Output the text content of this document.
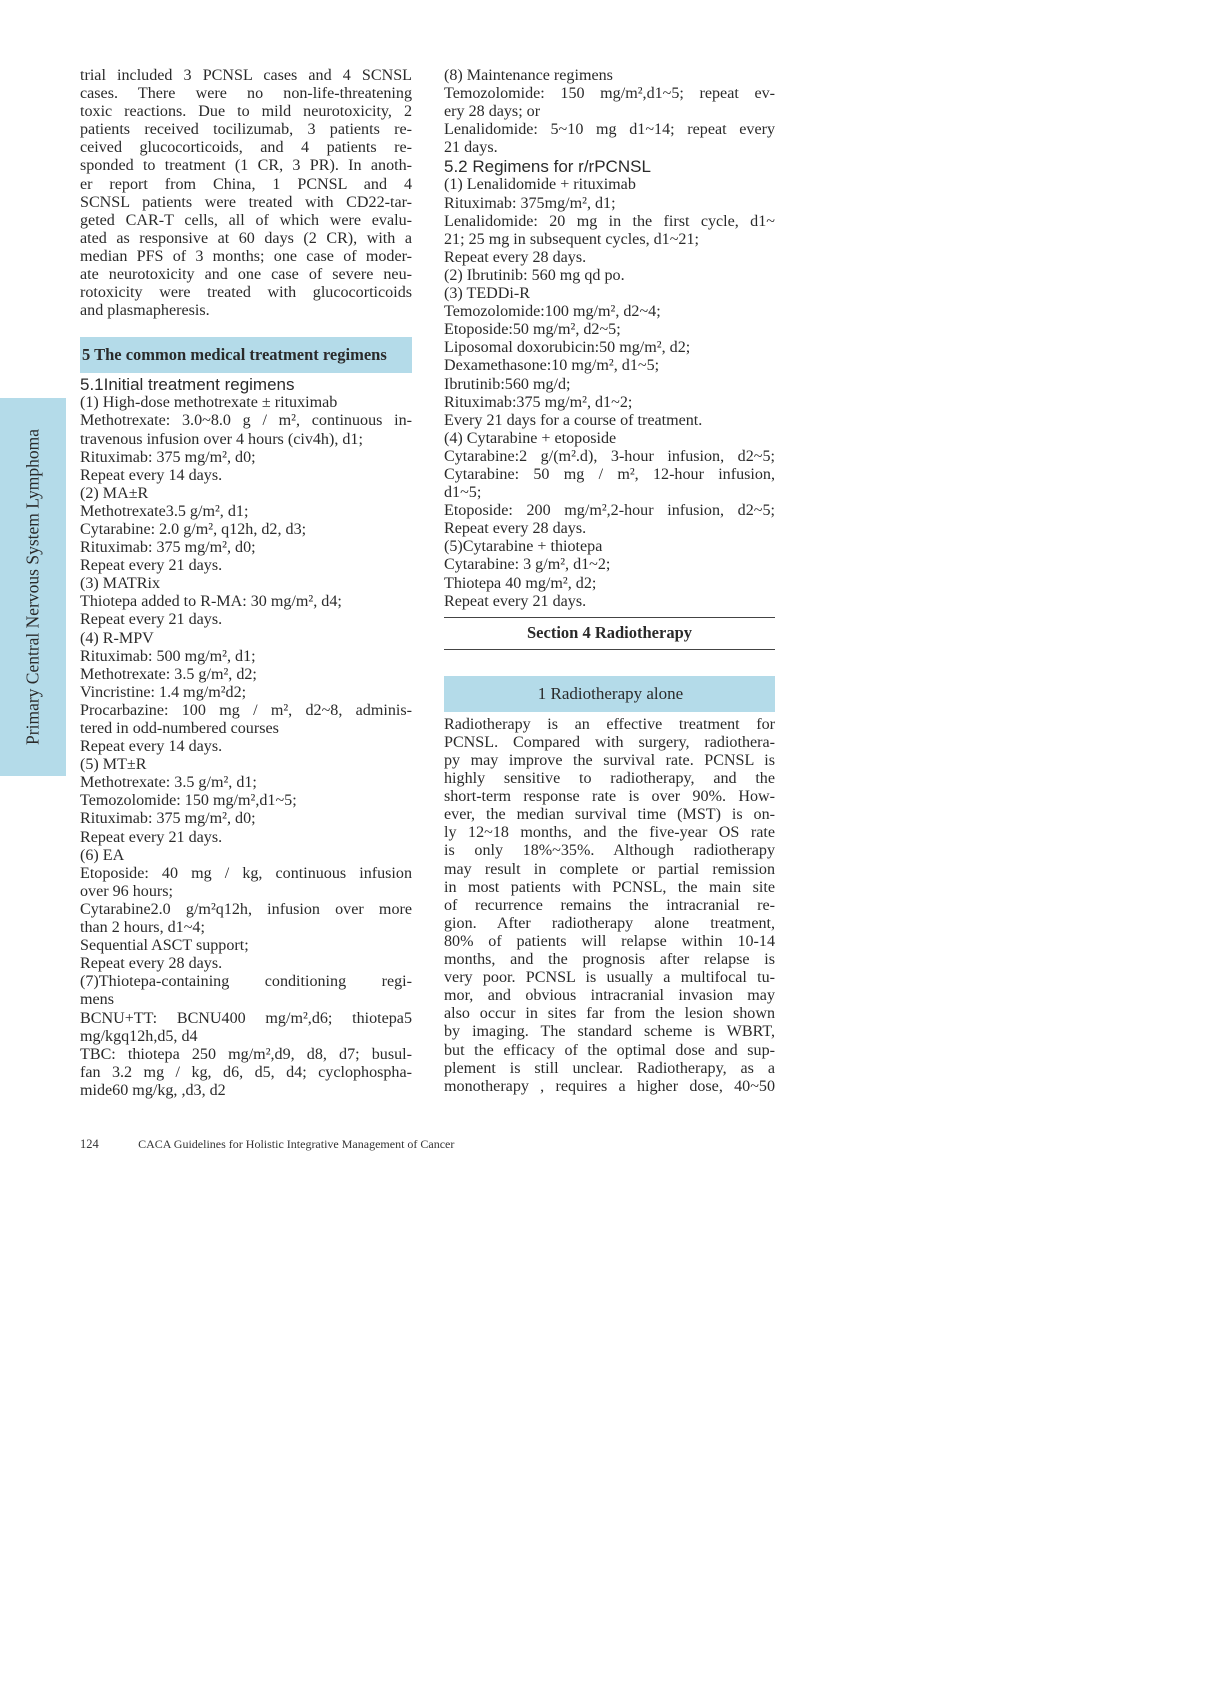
Primary Central Nervous System Lymphoma
trial included 3 PCNSL cases and 4 SCNSL
cases. There were no non-life-threatening
toxic reactions. Due to mild neurotoxicity, 2
patients received tocilizumab, 3 patients re-
ceived glucocorticoids, and 4 patients re-
sponded to treatment (1 CR, 3 PR). In anoth-
er report from China, 1 PCNSL and 4
SCNSL patients were treated with CD22-tar-
geted CAR-T cells, all of which were evalu-
ated as responsive at 60 days (2 CR), with a
median PFS of 3 months; one case of moder-
ate neurotoxicity and one case of severe neu-
rotoxicity were treated with glucocorticoids
and plasmapheresis.
5 The common medical treatment regimens
5.1Initial treatment regimens
(1) High-dose methotrexate ± rituximab
Methotrexate: 3.0~8.0 g / m², continuous in-
travenous infusion over 4 hours (civ4h), d1;
Rituximab: 375 mg/m², d0;
Repeat every 14 days.
(2) MA±R
Methotrexate3.5 g/m², d1;
Cytarabine: 2.0 g/m², q12h, d2, d3;
Rituximab: 375 mg/m², d0;
Repeat every 21 days.
(3) MATRix
Thiotepa added to R-MA: 30 mg/m², d4;
Repeat every 21 days.
(4) R-MPV
Rituximab: 500 mg/m², d1;
Methotrexate: 3.5 g/m², d2;
Vincristine: 1.4 mg/m²d2;
Procarbazine: 100 mg / m², d2~8, adminis-
tered in odd-numbered courses
Repeat every 14 days.
(5) MT±R
Methotrexate: 3.5 g/m², d1;
Temozolomide: 150 mg/m²,d1~5;
Rituximab: 375 mg/m², d0;
Repeat every 21 days.
(6) EA
Etoposide: 40 mg / kg, continuous infusion
over 96 hours;
Cytarabine2.0 g/m²q12h, infusion over more
than 2 hours, d1~4;
Sequential ASCT support;
Repeat every 28 days.
(7)Thiotepa-containing conditioning regi-
mens
BCNU+TT: BCNU400 mg/m²,d6; thiotepa5
mg/kgq12h,d5, d4
TBC: thiotepa 250 mg/m²,d9, d8, d7; busul-
fan 3.2 mg / kg, d6, d5, d4; cyclophospha-
mide60 mg/kg, ,d3, d2
(8) Maintenance regimens
Temozolomide: 150 mg/m²,d1~5; repeat ev-
ery 28 days; or
Lenalidomide: 5~10 mg d1~14; repeat every
21 days.
5.2 Regimens for r/rPCNSL
(1) Lenalidomide + rituximab
Rituximab: 375mg/m², d1;
Lenalidomide: 20 mg in the first cycle, d1~
21; 25 mg in subsequent cycles, d1~21;
Repeat every 28 days.
(2) Ibrutinib: 560 mg qd po.
(3) TEDDi-R
Temozolomide:100 mg/m², d2~4;
Etoposide:50 mg/m², d2~5;
Liposomal doxorubicin:50 mg/m², d2;
Dexamethasone:10 mg/m², d1~5;
Ibrutinib:560 mg/d;
Rituximab:375 mg/m², d1~2;
Every 21 days for a course of treatment.
(4) Cytarabine + etoposide
Cytarabine:2 g/(m².d), 3-hour infusion, d2~5;
Cytarabine: 50 mg / m², 12-hour infusion,
d1~5;
Etoposide: 200 mg/m²,2-hour infusion, d2~5;
Repeat every 28 days.
(5)Cytarabine + thiotepa
Cytarabine: 3 g/m², d1~2;
Thiotepa 40 mg/m², d2;
Repeat every 21 days.
Section 4 Radiotherapy
1 Radiotherapy alone
Radiotherapy is an effective treatment for
PCNSL. Compared with surgery, radiothera-
py may improve the survival rate. PCNSL is
highly sensitive to radiotherapy, and the
short-term response rate is over 90%. How-
ever, the median survival time (MST) is on-
ly 12~18 months, and the five-year OS rate
is only 18%~35%. Although radiotherapy
may result in complete or partial remission
in most patients with PCNSL, the main site
of recurrence remains the intracranial re-
gion. After radiotherapy alone treatment,
80% of patients will relapse within 10-14
months, and the prognosis after relapse is
very poor. PCNSL is usually a multifocal tu-
mor, and obvious intracranial invasion may
also occur in sites far from the lesion shown
by imaging. The standard scheme is WBRT,
but the efficacy of the optimal dose and sup-
plement is still unclear. Radiotherapy, as a
monotherapy , requires a higher dose, 40~50
124	CACA Guidelines for Holistic Integrative Management of Cancer
